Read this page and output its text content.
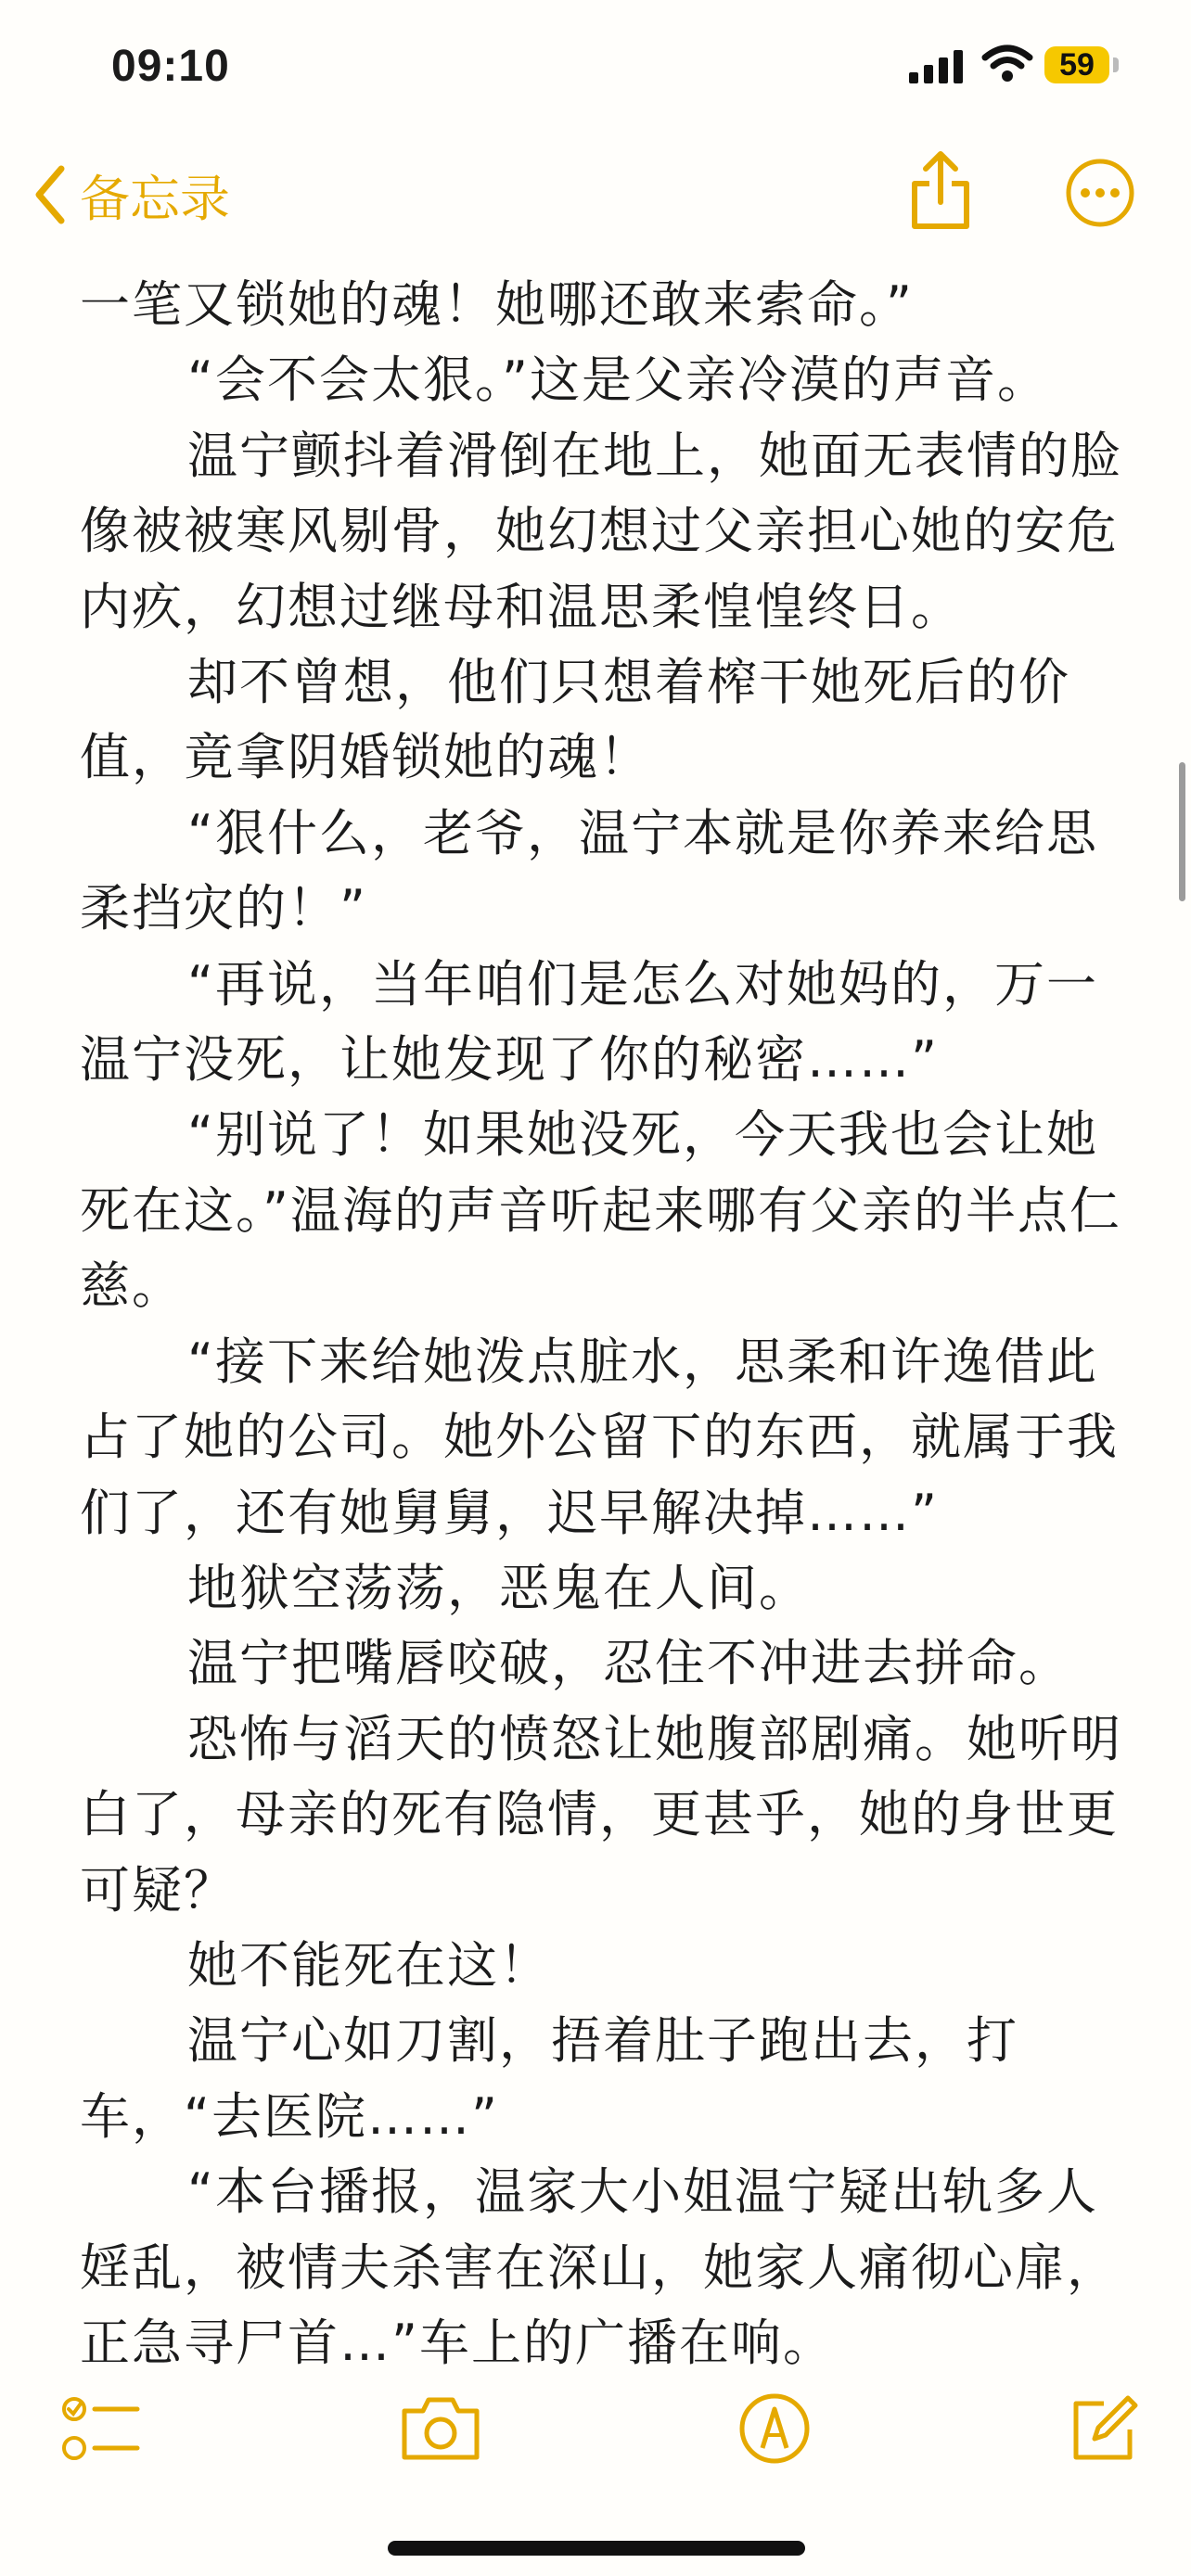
09:10	59
备忘录

一笔又锁她的魂！她哪还敢来索命。”

“会不会太狠。”这是父亲冷漠的声音。

温宁颤抖着滑倒在地上，她面无表情的脸像被被寒风剔骨，她幻想过父亲担心她的安危内疚，幻想过继母和温思柔惶惶终日。

却不曾想，他们只想着榨干她死后的价值，竟拿阴婚锁她的魂！

“狠什么，老爷，温宁本就是你养来给思柔挡灾的！”

“再说，当年咱们是怎么对她妈的，万一温宁没死，让她发现了你的秘密……”

“别说了！如果她没死，今天我也会让她死在这。”温海的声音听起来哪有父亲的半点仁慈。

“接下来给她泼点脏水，思柔和许逸借此占了她的公司。她外公留下的东西，就属于我们了，还有她舅舅，迟早解决掉……”

地狱空荡荡，恶鬼在人间。

温宁把嘴唇咬破，忍住不冲进去拼命。

恐怖与滔天的愤怒让她腹部剧痛。她听明白了，母亲的死有隐情，更甚乎，她的身世更可疑？

她不能死在这！

温宁心如刀割，捂着肚子跑出去，打车，“去医院……”

“本台播报，温家大小姐温宁疑出轨多人婬乱，被情夫杀害在深山，她家人痛彻心扉，正急寻尸首…”车上的广播在响。
